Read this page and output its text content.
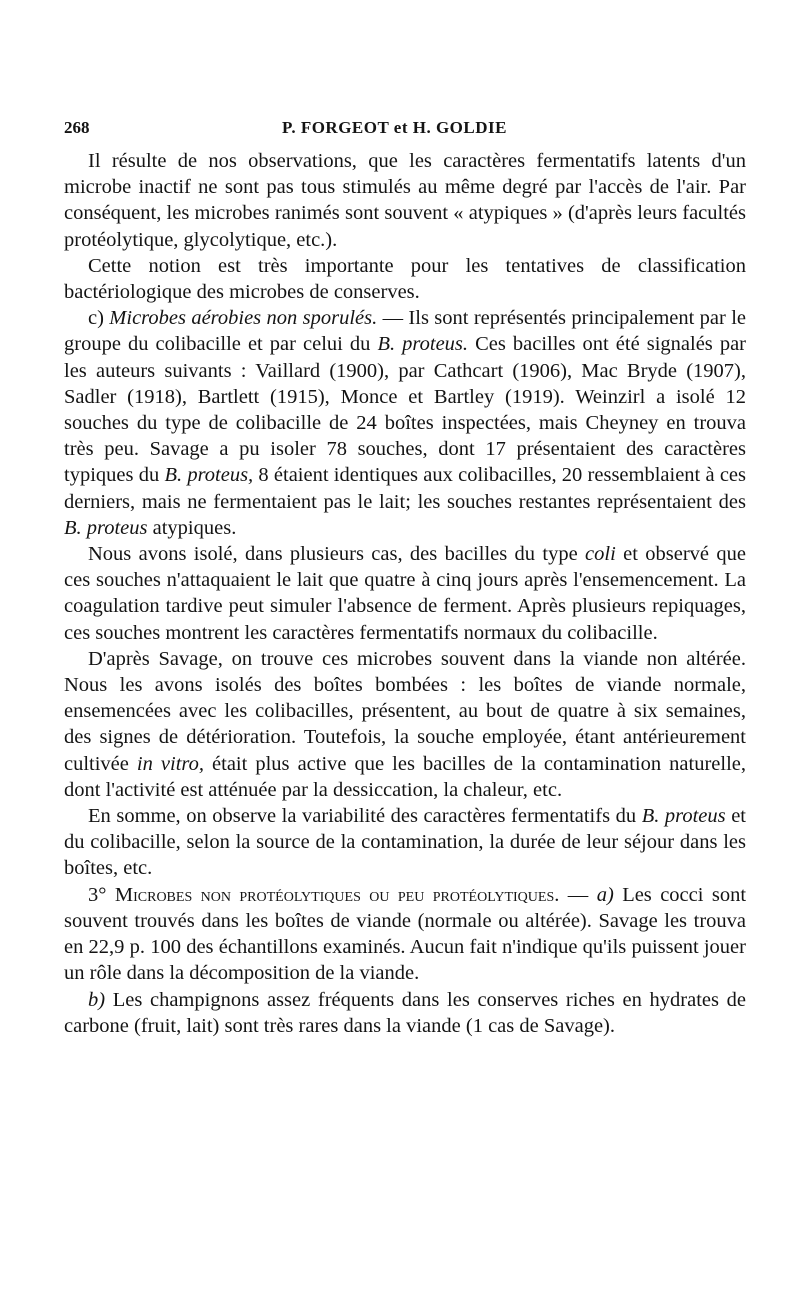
268	P. FORGEOT et H. GOLDIE

Il résulte de nos observations, que les caractères fermentatifs latents d'un microbe inactif ne sont pas tous stimulés au même degré par l'accès de l'air. Par conséquent, les microbes ranimés sont souvent « atypiques » (d'après leurs facultés protéolytique, glycolytique, etc.).

Cette notion est très importante pour les tentatives de classification bactériologique des microbes de conserves.

c) Microbes aérobies non sporulés. — Ils sont représentés principalement par le groupe du colibacille et par celui du B. proteus. Ces bacilles ont été signalés par les auteurs suivants : Vaillard (1900), par Cathcart (1906), Mac Bryde (1907), Sadler (1918), Bartlett (1915), Monce et Bartley (1919). Weinzirl a isolé 12 souches du type de colibacille de 24 boîtes inspectées, mais Cheyney en trouva très peu. Savage a pu isoler 78 souches, dont 17 présentaient des caractères typiques du B. proteus, 8 étaient identiques aux colibacilles, 20 ressemblaient à ces derniers, mais ne fermentaient pas le lait; les souches restantes représentaient des B. proteus atypiques.

Nous avons isolé, dans plusieurs cas, des bacilles du type coli et observé que ces souches n'attaquaient le lait que quatre à cinq jours après l'ensemencement. La coagulation tardive peut simuler l'absence de ferment. Après plusieurs repiquages, ces souches montrent les caractères fermentatifs normaux du colibacille.

D'après Savage, on trouve ces microbes souvent dans la viande non altérée. Nous les avons isolés des boîtes bombées : les boîtes de viande normale, ensemencées avec les colibacilles, présentent, au bout de quatre à six semaines, des signes de détérioration. Toutefois, la souche employée, étant antérieurement cultivée in vitro, était plus active que les bacilles de la contamination naturelle, dont l'activité est atténuée par la dessiccation, la chaleur, etc.

En somme, on observe la variabilité des caractères fermentatifs du B. proteus et du colibacille, selon la source de la contamination, la durée de leur séjour dans les boîtes, etc.

3° Microbes non protéolytiques ou peu protéolytiques. — a) Les cocci sont souvent trouvés dans les boîtes de viande (normale ou altérée). Savage les trouva en 22,9 p. 100 des échantillons examinés. Aucun fait n'indique qu'ils puissent jouer un rôle dans la décomposition de la viande.

b) Les champignons assez fréquents dans les conserves riches en hydrates de carbone (fruit, lait) sont très rares dans la viande (1 cas de Savage).
